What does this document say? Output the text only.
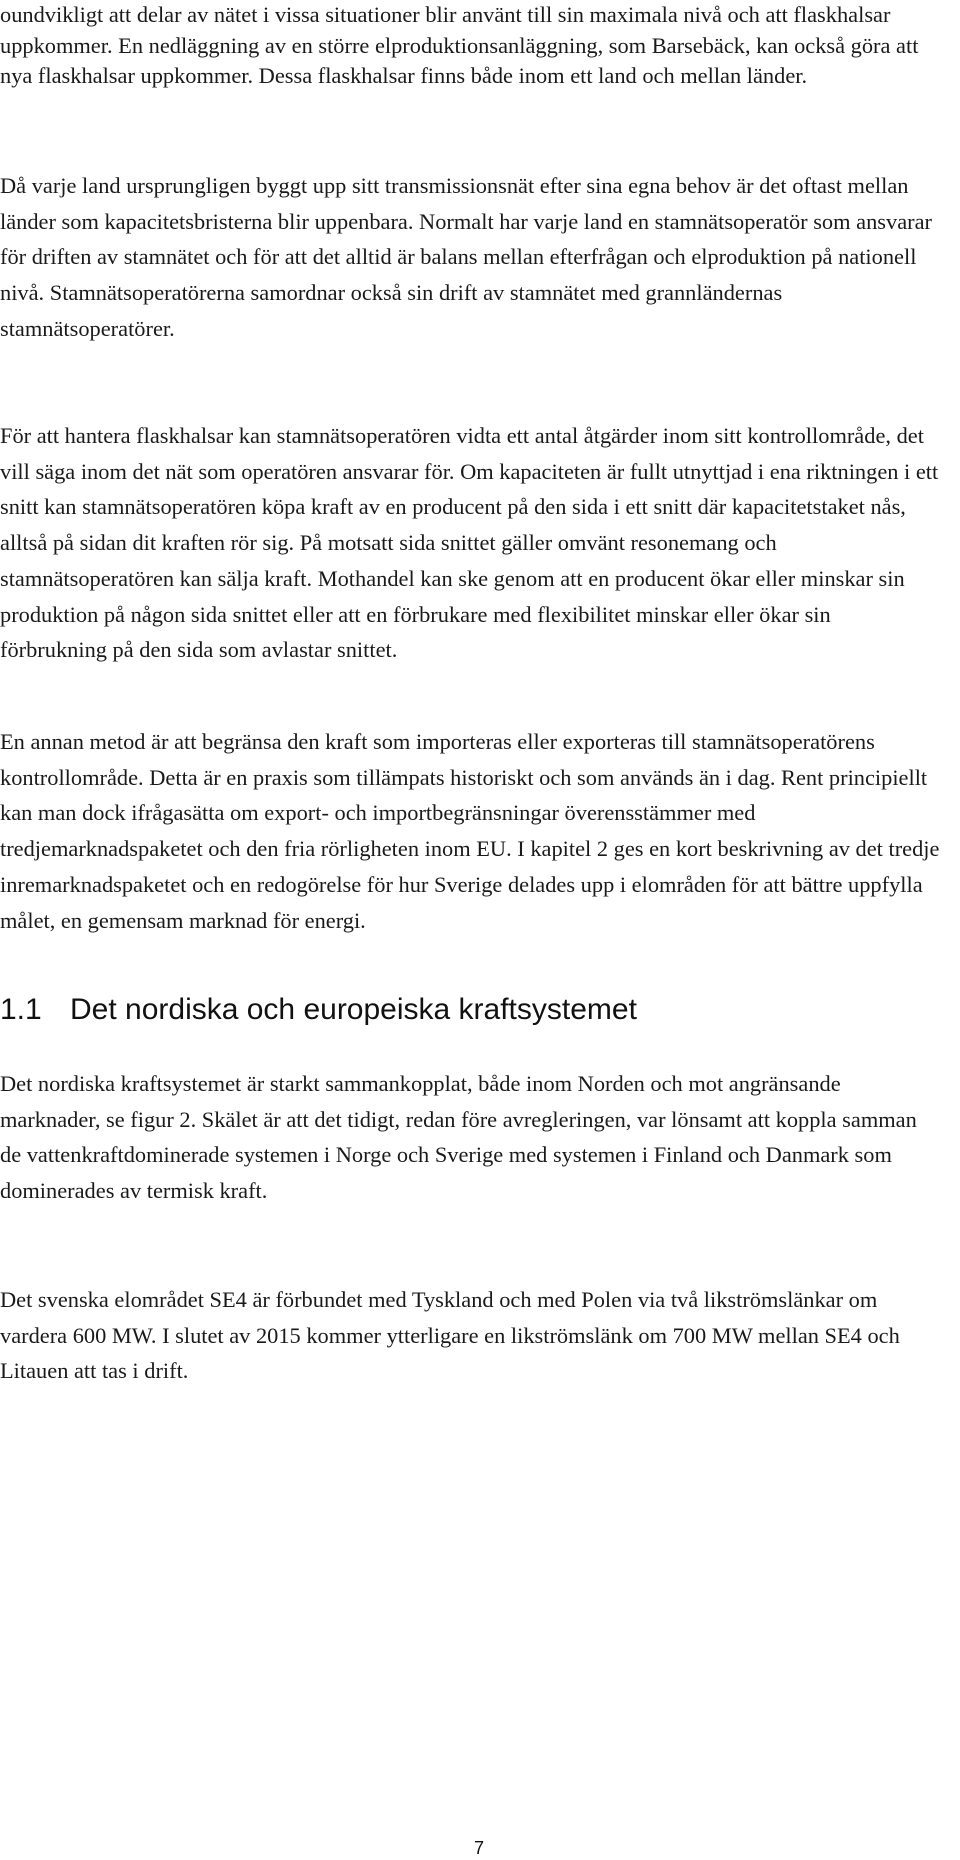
oundvikligt att delar av nätet i vissa situationer blir använt till sin maximala nivå och att flaskhalsar uppkommer. En nedläggning av en större elproduktionsanläggning, som Barsebäck, kan också göra att nya flaskhalsar uppkommer. Dessa flaskhalsar finns både inom ett land och mellan länder.

Då varje land ursprungligen byggt upp sitt transmissionsnät efter sina egna behov är det oftast mellan länder som kapacitetsbristerna blir uppenbara. Normalt har varje land en stamnätsoperatör som ansvarar för driften av stamnätet och för att det alltid är balans mellan efterfrågan och elproduktion på nationell nivå. Stamnätsoperatörerna samordnar också sin drift av stamnätet med grannländernas stamnätsoperatörer.

För att hantera flaskhalsar kan stamnätsoperatören vidta ett antal åtgärder inom sitt kontrollområde, det vill säga inom det nät som operatören ansvarar för. Om kapaciteten är fullt utnyttjad i ena riktningen i ett snitt kan stamnätsoperatören köpa kraft av en producent på den sida i ett snitt där kapacitetstaket nås, alltså på sidan dit kraften rör sig. På motsatt sida snittet gäller omvänt resonemang och stamnätsoperatören kan sälja kraft. Mothandel kan ske genom att en producent ökar eller minskar sin produktion på någon sida snittet eller att en förbrukare med flexibilitet minskar eller ökar sin förbrukning på den sida som avlastar snittet.

En annan metod är att begränsa den kraft som importeras eller exporteras till stamnätsoperatörens kontrollområde. Detta är en praxis som tillämpats historiskt och som används än i dag. Rent principiellt kan man dock ifrågasätta om export- och importbegränsningar överensstämmer med tredjemarknadspaketet och den fria rörligheten inom EU. I kapitel 2 ges en kort beskrivning av det tredje inremarknadspaketet och en redogörelse för hur Sverige delades upp i elområden för att bättre uppfylla målet, en gemensam marknad för energi.

1.1 Det nordiska och europeiska kraftsystemet

Det nordiska kraftsystemet är starkt sammankopplat, både inom Norden och mot angränsande marknader, se figur 2. Skälet är att det tidigt, redan före avregleringen, var lönsamt att koppla samman de vattenkraftdominerade systemen i Norge och Sverige med systemen i Finland och Danmark som dominerades av termisk kraft.

Det svenska elområdet SE4 är förbundet med Tyskland och med Polen via två likströmslänkar om vardera 600 MW. I slutet av 2015 kommer ytterligare en likströmslänk om 700 MW mellan SE4 och Litauen att tas i drift.

7
